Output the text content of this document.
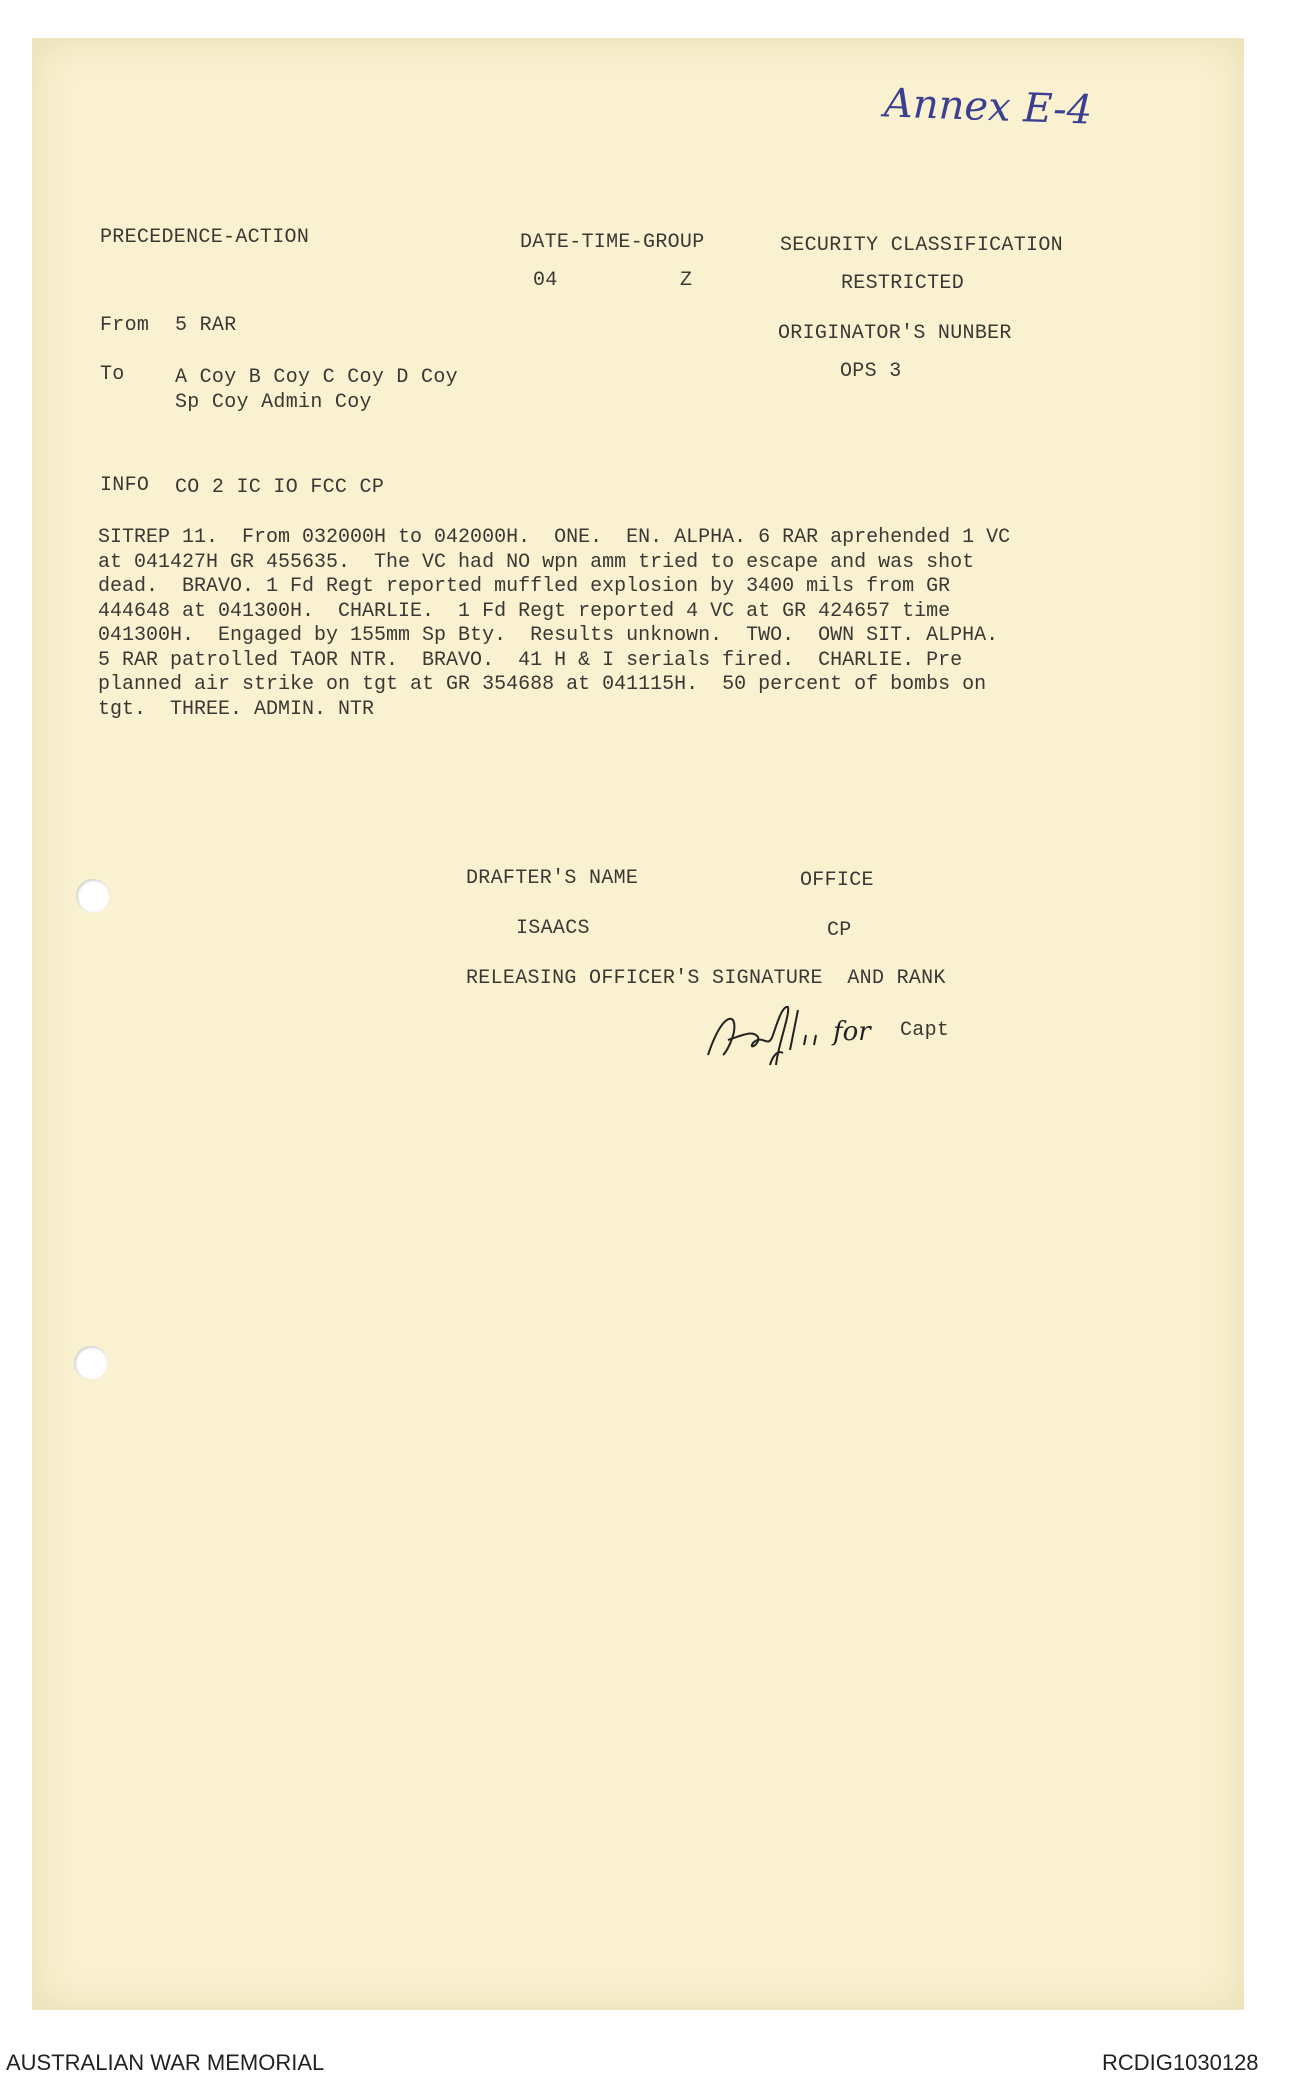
Annex E-4
PRECEDENCE-ACTION	DATE-TIME-GROUP
04	Z
SECURITY CLASSIFICATION
RESTRICTED
From 5 RAR	ORIGINATOR'S NUNBER
OPS 3
To	A Coy B Coy C Coy D Coy
Sp Coy Admin Coy
INFO CO 2 IC IO FCC CP
SITREP 11.  From 032000H to 042000H.  ONE.  EN. ALPHA. 6 RAR aprehended 1 VC
at 041427H GR 455635.  The VC had NO wpn amm tried to escape and was shot
dead.  BRAVO. 1 Fd Regt reported muffled explosion by 3400 mils from GR
444648 at 041300H.  CHARLIE.  1 Fd Regt reported 4 VC at GR 424657 time
041300H.  Engaged by 155mm Sp Bty.  Results unknown.  TWO.  OWN SIT. ALPHA.
5 RAR patrolled TAOR NTR.  BRAVO.  41 H & I serials fired.  CHARLIE. Pre
planned air strike on tgt at GR 354688 at 041115H.  50 percent of bombs on
tgt.  THREE. ADMIN. NTR
DRAFTER'S NAME	OFFICE
ISAACS	CP
RELEASING OFFICER'S SIGNATURE  AND RANK
for Capt
AUSTRALIAN WAR MEMORIAL	RCDIG1030128
